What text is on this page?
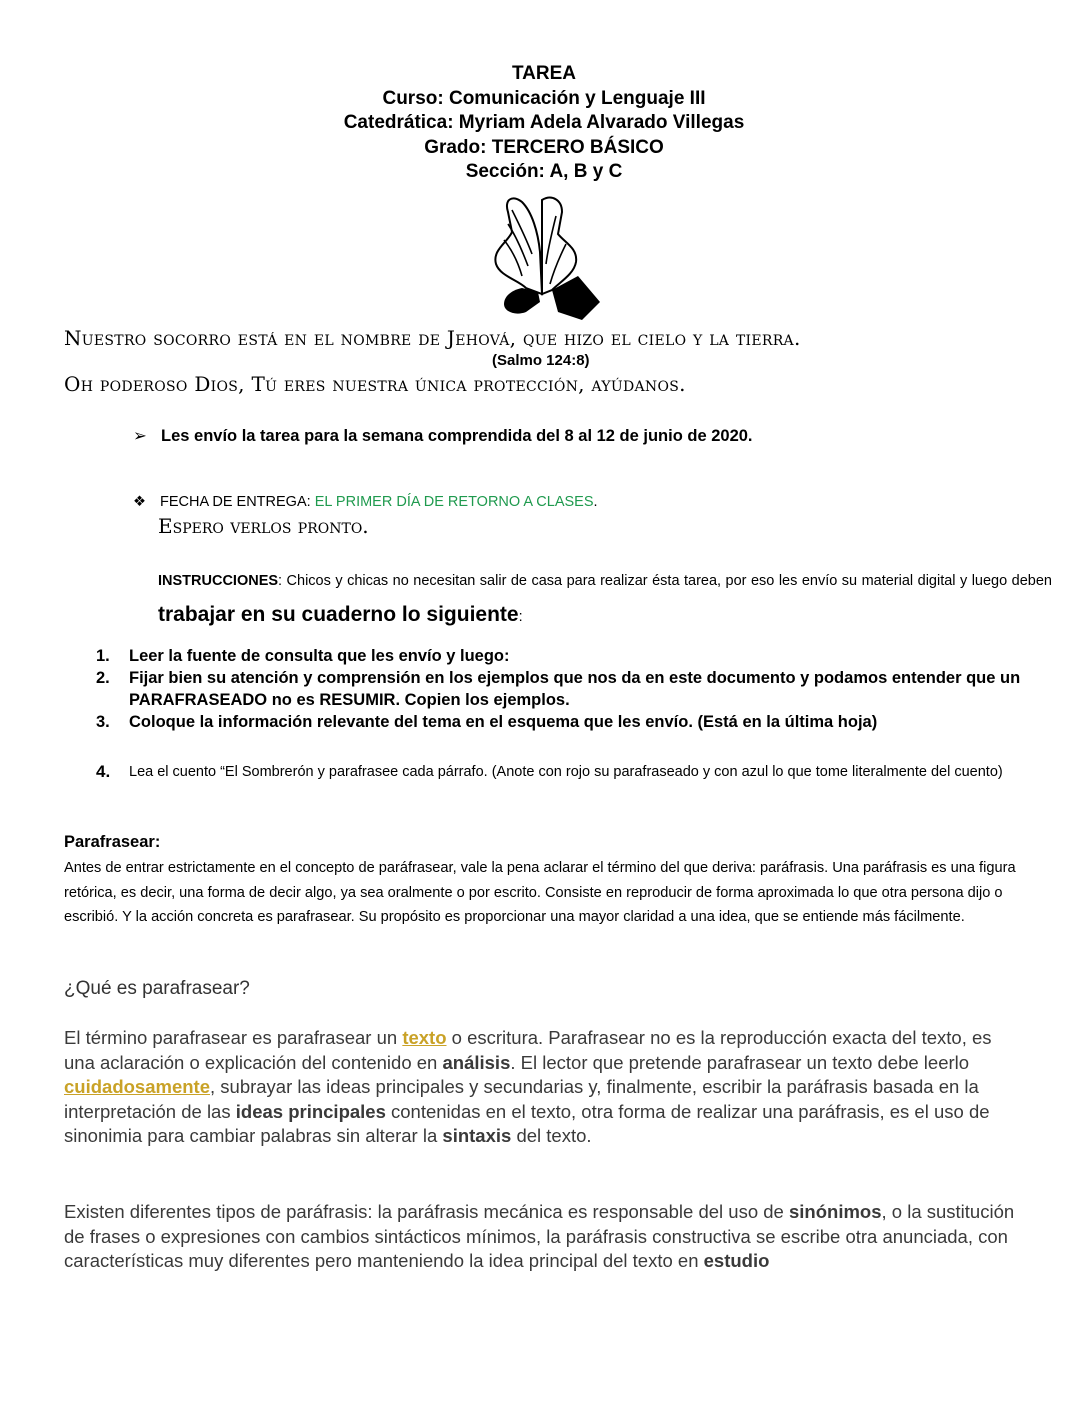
TAREA
Curso: Comunicación y Lenguaje III
Catedrática: Myriam Adela Alvarado Villegas
Grado: TERCERO BÁSICO
Sección: A, B y C
Nuestro socorro está en el nombre de Jehová, que hizo el cielo y la tierra.
(Salmo 124:8)
Oh poderoso Dios, Tú eres nuestra única protección, ayúdanos.
➢ Les envío la tarea para la semana comprendida del 8 al 12 de junio de 2020.
❖ FECHA DE ENTREGA: EL PRIMER DÍA DE RETORNO A CLASES.
Espero verlos pronto.
INSTRUCCIONES: Chicos y chicas no necesitan salir de casa para realizar ésta tarea, por eso les envío su material digital y luego deben trabajar en su cuaderno lo siguiente:
1. Leer la fuente de consulta que les envío y luego:
2. Fijar bien su atención y comprensión en los ejemplos que nos da en este documento y podamos entender que un PARAFRASEADO no es RESUMIR. Copien los ejemplos.
3. Coloque la información relevante del tema en el esquema que les envío. (Está en la última hoja)
4. Lea el cuento “El Sombrerón y parafrasee cada párrafo. (Anote con rojo su parafraseado y con azul lo que tome literalmente del cuento)
Parafrasear:
Antes de entrar estrictamente en el concepto de paráfrasear, vale la pena aclarar el término del que deriva: paráfrasis. Una paráfrasis es una figura retórica, es decir, una forma de decir algo, ya sea oralmente o por escrito. Consiste en reproducir de forma aproximada lo que otra persona dijo o escribió. Y la acción concreta es parafrasear. Su propósito es proporcionar una mayor claridad a una idea, que se entiende más fácilmente.
¿Qué es parafrasear?
El término parafrasear es parafrasear un texto o escritura. Parafrasear no es la reproducción exacta del texto, es una aclaración o explicación del contenido en análisis. El lector que pretende parafrasear un texto debe leerlo cuidadosamente, subrayar las ideas principales y secundarias y, finalmente, escribir la paráfrasis basada en la interpretación de las ideas principales contenidas en el texto, otra forma de realizar una paráfrasis, es el uso de sinonimia para cambiar palabras sin alterar la sintaxis del texto.
Existen diferentes tipos de paráfrasis: la paráfrasis mecánica es responsable del uso de sinónimos, o la sustitución de frases o expresiones con cambios sintácticos mínimos, la paráfrasis constructiva se escribe otra anunciada, con características muy diferentes pero manteniendo la idea principal del texto en estudio
